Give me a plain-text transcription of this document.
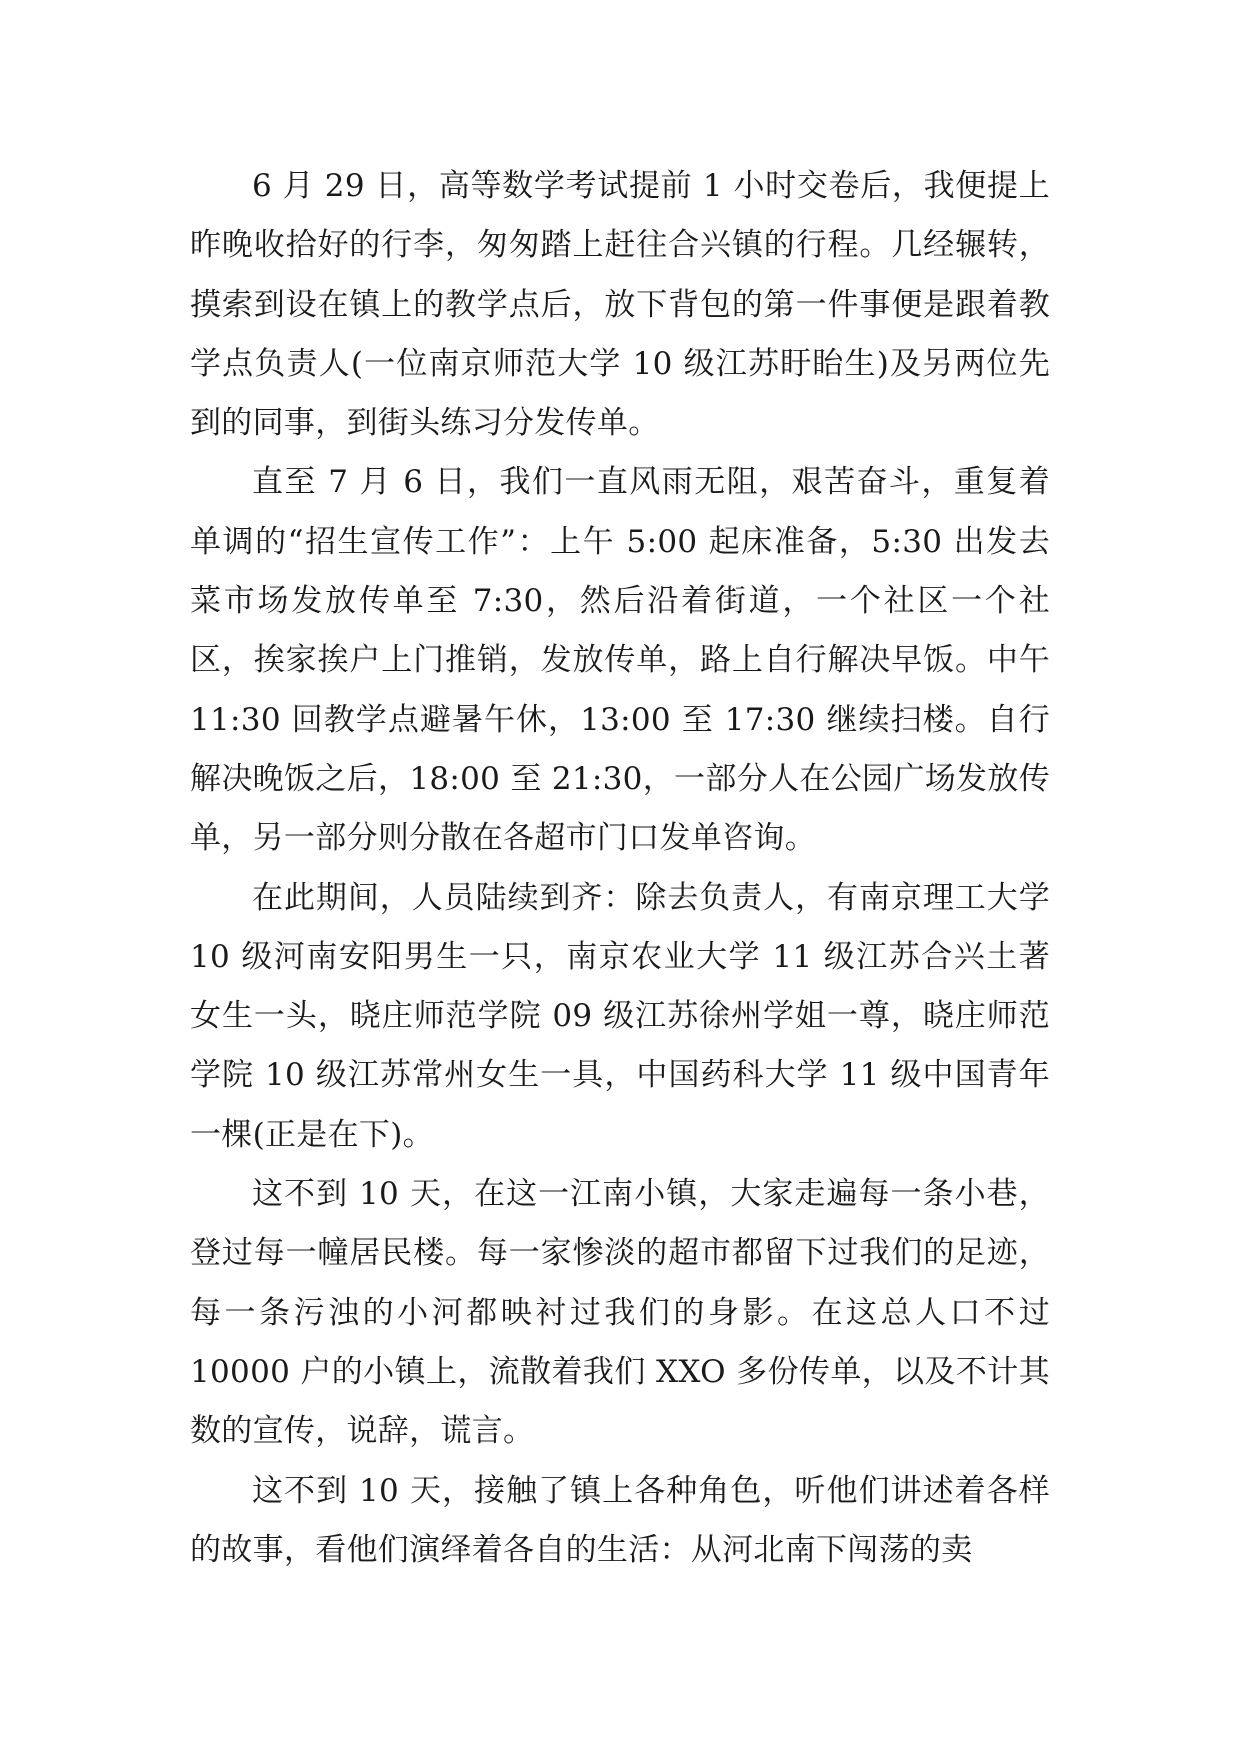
6 月 29 日，高等数学考试提前 1 小时交卷后，我便提上昨晚收拾好的行李，匆匆踏上赶往合兴镇的行程。几经辗转，摸索到设在镇上的教学点后，放下背包的第一件事便是跟着教学点负责人(一位南京师范大学 10 级江苏盱眙生)及另两位先到的同事，到街头练习分发传单。

直至 7 月 6 日，我们一直风雨无阻，艰苦奋斗，重复着单调的“招生宣传工作”：上午 5:00 起床准备，5:30 出发去菜市场发放传单至 7:30，然后沿着街道，一个社区一个社区，挨家挨户上门推销，发放传单，路上自行解决早饭。中午 11:30 回教学点避暑午休，13:00 至 17:30 继续扫楼。自行解决晚饭之后，18:00 至 21:30，一部分人在公园广场发放传单，另一部分则分散在各超市门口发单咨询。

在此期间，人员陆续到齐：除去负责人，有南京理工大学 10 级河南安阳男生一只，南京农业大学 11 级江苏合兴土著女生一头，晓庄师范学院 09 级江苏徐州学姐一尊，晓庄师范学院 10 级江苏常州女生一具，中国药科大学 11 级中国青年一棵(正是在下)。

这不到 10 天，在这一江南小镇，大家走遍每一条小巷，登过每一幢居民楼。每一家惨淡的超市都留下过我们的足迹，每一条污浊的小河都映衬过我们的身影。在这总人口不过 10000 户的小镇上，流散着我们 XXO 多份传单，以及不计其数的宣传，说辞，谎言。

这不到 10 天，接触了镇上各种角色，听他们讲述着各样的故事，看他们演绎着各自的生活：从河北南下闯荡的卖
